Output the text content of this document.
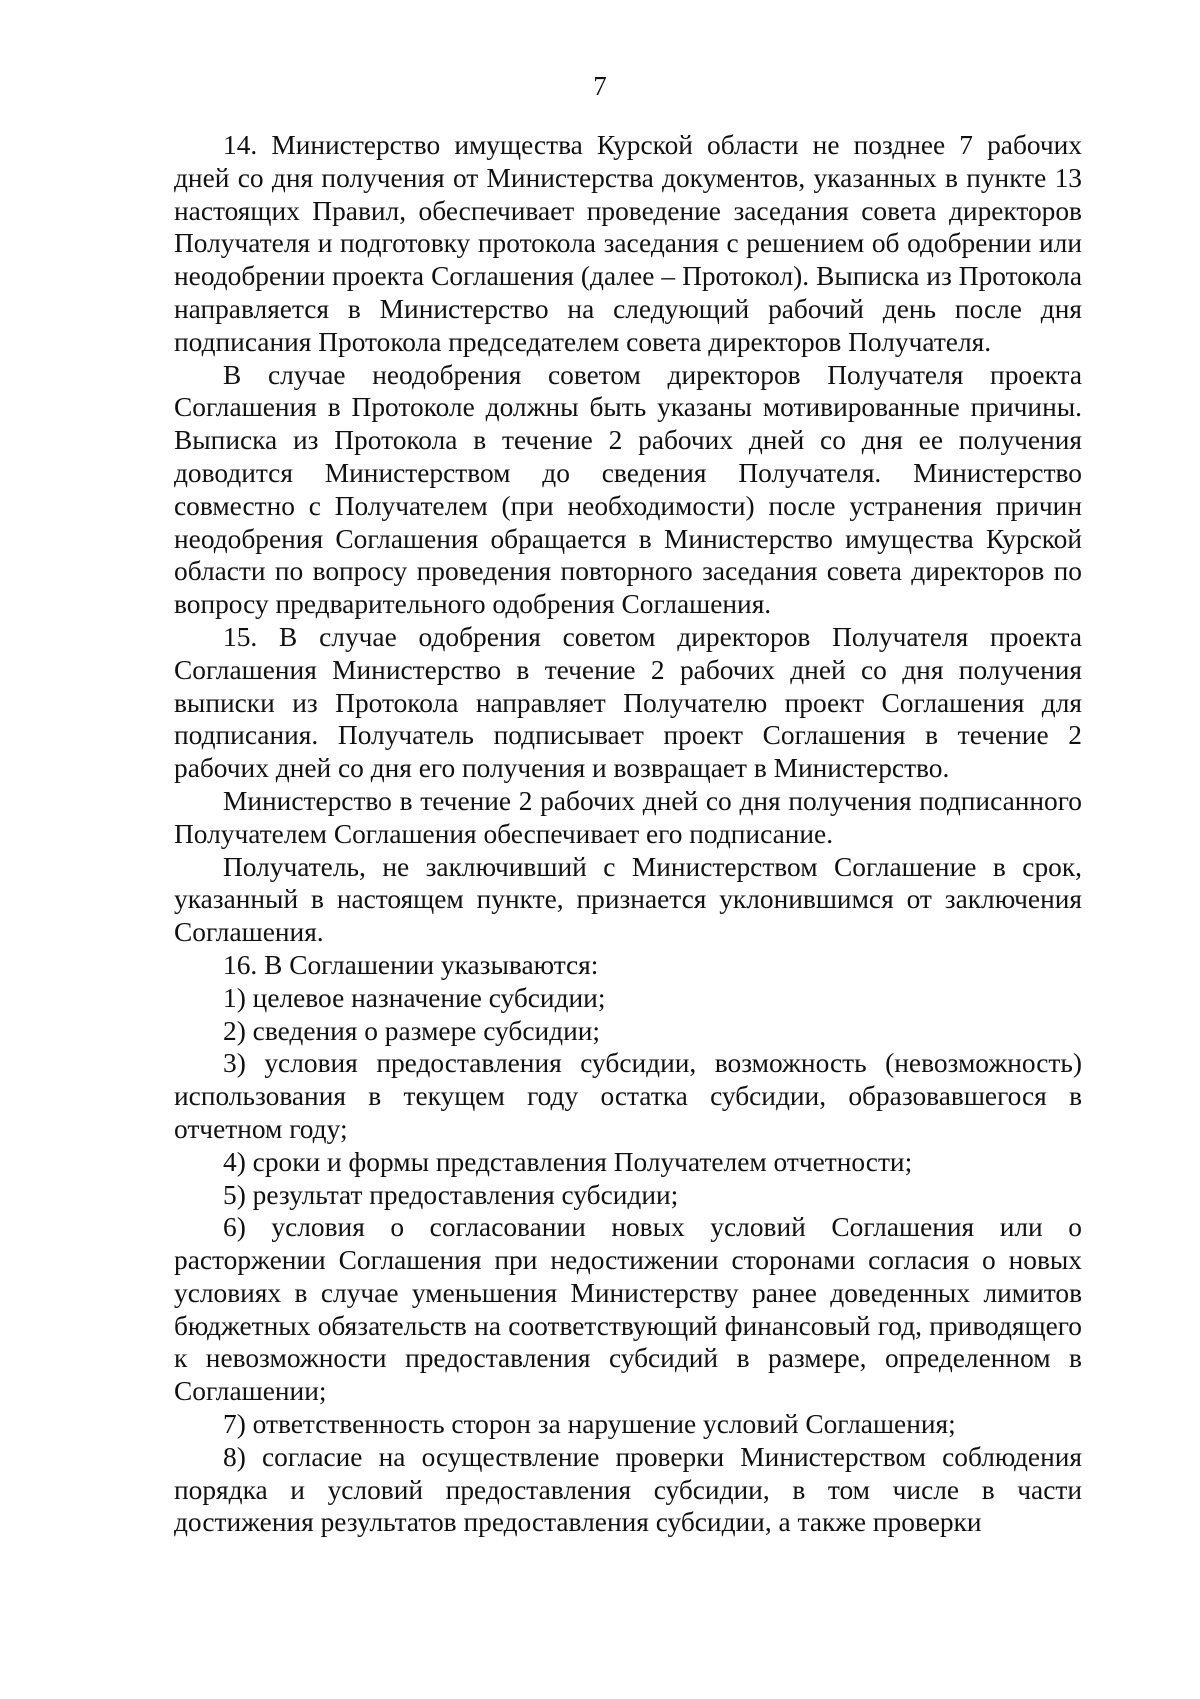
7

14. Министерство имущества Курской области не позднее 7 рабочих дней со дня получения от Министерства документов, указанных в пункте 13 настоящих Правил, обеспечивает проведение заседания совета директоров Получателя и подготовку протокола заседания с решением об одобрении или неодобрении проекта Соглашения (далее – Протокол). Выписка из Протокола направляется в Министерство на следующий рабочий день после дня подписания Протокола председателем совета директоров Получателя.

В случае неодобрения советом директоров Получателя проекта Соглашения в Протоколе должны быть указаны мотивированные причины. Выписка из Протокола в течение 2 рабочих дней со дня ее получения доводится Министерством до сведения Получателя. Министерство совместно с Получателем (при необходимости) после устранения причин неодобрения Соглашения обращается в Министерство имущества Курской области по вопросу проведения повторного заседания совета директоров по вопросу предварительного одобрения Соглашения.

15. В случае одобрения советом директоров Получателя проекта Соглашения Министерство в течение 2 рабочих дней со дня получения выписки из Протокола направляет Получателю проект Соглашения для подписания. Получатель подписывает проект Соглашения в течение 2 рабочих дней со дня его получения и возвращает в Министерство.

Министерство в течение 2 рабочих дней со дня получения подписанного Получателем Соглашения обеспечивает его подписание.

Получатель, не заключивший с Министерством Соглашение в срок, указанный в настоящем пункте, признается уклонившимся от заключения Соглашения.

16. В Соглашении указываются:

1) целевое назначение субсидии;

2) сведения о размере субсидии;

3) условия предоставления субсидии, возможность (невозможность) использования в текущем году остатка субсидии, образовавшегося в отчетном году;

4) сроки и формы представления Получателем отчетности;

5) результат предоставления субсидии;

6) условия о согласовании новых условий Соглашения или о расторжении Соглашения при недостижении сторонами согласия о новых условиях в случае уменьшения Министерству ранее доведенных лимитов бюджетных обязательств на соответствующий финансовый год, приводящего к невозможности предоставления субсидий в размере, определенном в Соглашении;

7) ответственность сторон за нарушение условий Соглашения;

8) согласие на осуществление проверки Министерством соблюдения порядка и условий предоставления субсидии, в том числе в части достижения результатов предоставления субсидии, а также проверки
